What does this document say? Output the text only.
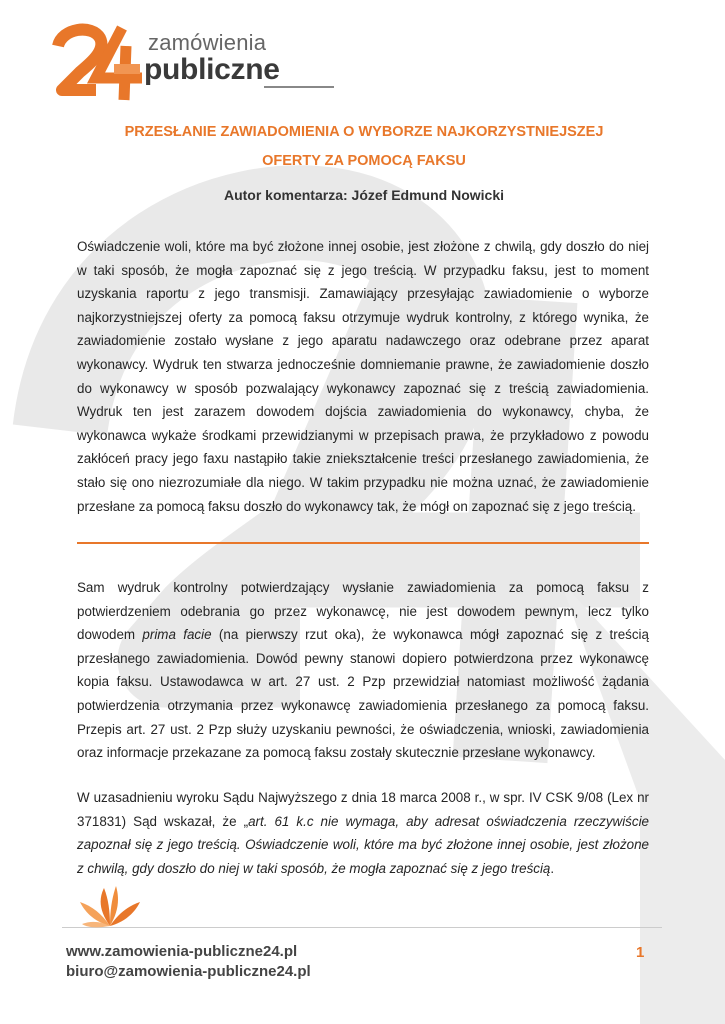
zamówienia
publiczne
PRZESŁANIE ZAWIADOMIENIA O WYBORZE NAJKORZYSTNIEJSZEJ
OFERTY ZA POMOCĄ FAKSU
Autor komentarza: Józef Edmund Nowicki

Oświadczenie woli, które ma być złożone innej osobie, jest złożone z chwilą, gdy doszło do niej w taki sposób, że mogła zapoznać się z jego treścią. W przypadku faksu, jest to moment uzyskania raportu z jego transmisji. Zamawiający przesyłając zawiadomienie o wyborze najkorzystniejszej oferty za pomocą faksu otrzymuje wydruk kontrolny, z którego wynika, że zawiadomienie zostało wysłane z jego aparatu nadawczego oraz odebrane przez aparat wykonawcy. Wydruk ten stwarza jednocześnie domniemanie prawne, że zawiadomienie doszło do wykonawcy w sposób pozwalający wykonawcy zapoznać się z treścią zawiadomienia. Wydruk ten jest zarazem dowodem dojścia zawiadomienia do wykonawcy, chyba, że wykonawca wykaże środkami przewidzianymi w przepisach prawa, że przykładowo z powodu zakłóceń pracy jego faxu nastąpiło takie zniekształcenie treści przesłanego zawiadomienia, że stało się ono niezrozumiałe dla niego. W takim przypadku nie można uznać, że zawiadomienie przesłane za pomocą faksu doszło do wykonawcy tak, że mógł on zapoznać się z jego treścią.

Sam wydruk kontrolny potwierdzający wysłanie zawiadomienia za pomocą faksu z potwierdzeniem odebrania go przez wykonawcę, nie jest dowodem pewnym, lecz tylko dowodem prima facie (na pierwszy rzut oka), że wykonawca mógł zapoznać się z treścią przesłanego zawiadomienia. Dowód pewny stanowi dopiero potwierdzona przez wykonawcę kopia faksu. Ustawodawca w art. 27 ust. 2 Pzp przewidział natomiast możliwość żądania potwierdzenia otrzymania przez wykonawcę zawiadomienia przesłanego za pomocą faksu. Przepis art. 27 ust. 2 Pzp służy uzyskaniu pewności, że oświadczenia, wnioski, zawiadomienia oraz informacje przekazane za pomocą faksu zostały skutecznie przesłane wykonawcy.

W uzasadnieniu wyroku Sądu Najwyższego z dnia 18 marca 2008 r., w spr. IV CSK 9/08 (Lex nr 371831) Sąd wskazał, że „art. 61 k.c nie wymaga, aby adresat oświadczenia rzeczywiście zapoznał się z jego treścią. Oświadczenie woli, które ma być złożone innej osobie, jest złożone z chwilą, gdy doszło do niej w taki sposób, że mogła zapoznać się z jego treścią.

www.zamowienia-publiczne24.pl
biuro@zamowienia-publiczne24.pl
1
